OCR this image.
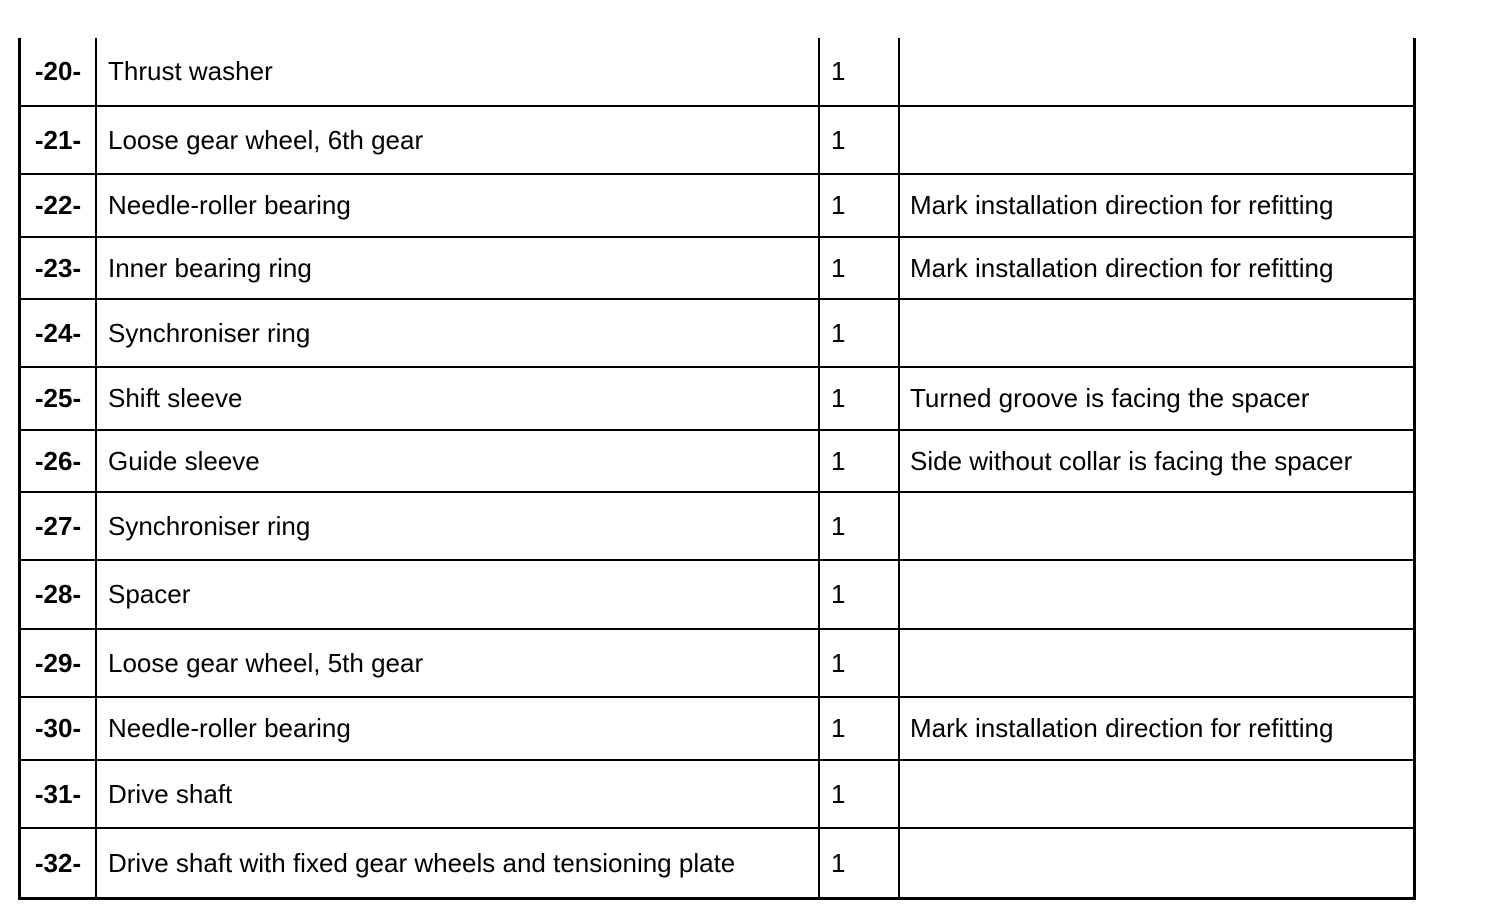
-20-	Thrust washer	1
-21-	Loose gear wheel, 6th gear	1
-22-	Needle-roller bearing	1	Mark installation direction for refitting
-23-	Inner bearing ring	1	Mark installation direction for refitting
-24-	Synchroniser ring	1
-25-	Shift sleeve	1	Turned groove is facing the spacer
-26-	Guide sleeve	1	Side without collar is facing the spacer
-27-	Synchroniser ring	1
-28-	Spacer	1
-29-	Loose gear wheel, 5th gear	1
-30-	Needle-roller bearing	1	Mark installation direction for refitting
-31-	Drive shaft	1
-32-	Drive shaft with fixed gear wheels and tensioning plate	1
